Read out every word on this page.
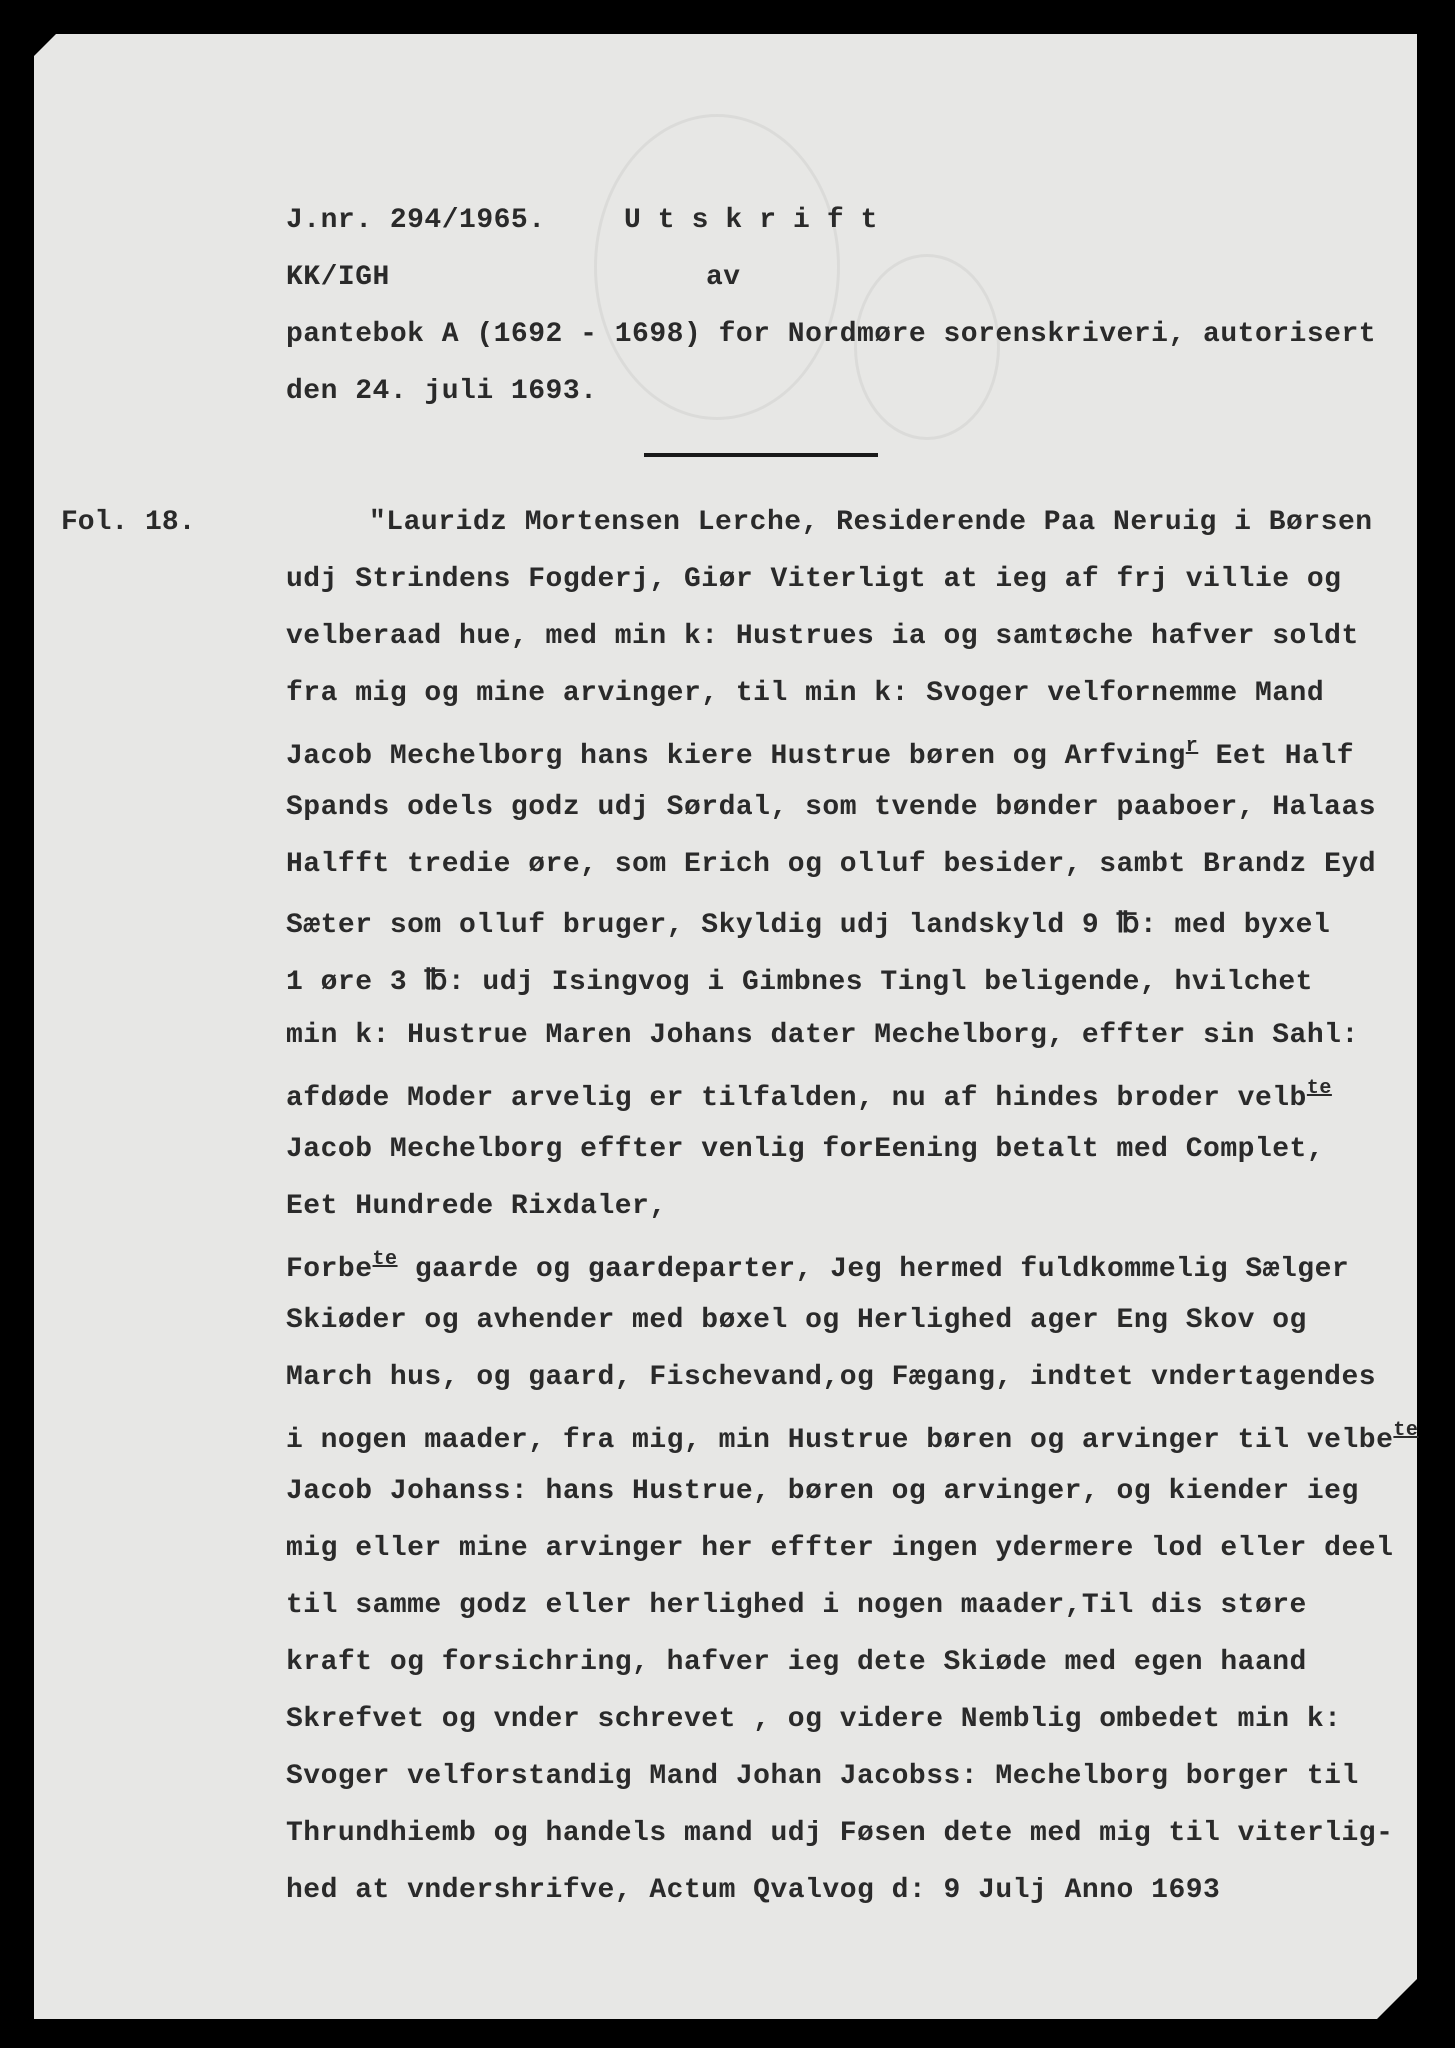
J.nr. 294/1965.	Utskrift
KK/IGH	av
pantebok A (1692 - 1698) for Nordmøre sorenskriveri, autorisert
den 24. juli 1693.
Fol. 18.	"Lauridz Mortensen Lerche, Residerende Paa Neruig i Børsen
udj Strindens Fogderj, Giør Viterligt at ieg af frj villie og
velberaad hue, med min k: Hustrues ia og samtøche hafver soldt
fra mig og mine arvinger, til min k: Svoger velfornemme Mand
Jacob Mechelborg hans kiere Hustrue børen og Arfving$^r$ Eet Half
Spands odels godz udj Sørdal, som tvende bønder paaboer, Halaas
Halfft tredie øre, som Erich og olluf besider, sambt Brandz Eyd
Sæter som olluf bruger, Skyldig udj landskyld 9 ℔: med byxel
1 øre 3 ℔: udj Isingvog i Gimbnes Tingl beligende, hvilchet
min k: Hustrue Maren Johans dater Mechelborg, effter sin Sahl:
afdøde Moder arvelig er tilfalden, nu af hindes broder velb$^{te}$
Jacob Mechelborg effter venlig forEening betalt med Complet,
Eet Hundrede Rixdaler,
Forbe$^{te}$ gaarde og gaardeparter, Jeg hermed fuldkommelig Sælger
Skiøder og avhender med bøxel og Herlighed ager Eng Skov og
March hus, og gaard, Fischevand,og Fægang, indtet vndertagendes
i nogen maader, fra mig, min Hustrue børen og arvinger til velbe$^{te}$
Jacob Johanss: hans Hustrue, børen og arvinger, og kiender ieg
mig eller mine arvinger her effter ingen ydermere lod eller deel
til samme godz eller herlighed i nogen maader,Til dis støre
kraft og forsichring, hafver ieg dete Skiøde med egen haand
Skrefvet og vnder schrevet , og videre Nemblig ombedet min k:
Svoger velforstandig Mand Johan Jacobss: Mechelborg borger til
Thrundhiemb og handels mand udj Føsen dete med mig til viterlig-
hed at vndershrifve, Actum Qvalvog d: 9 Julj Anno 1693
